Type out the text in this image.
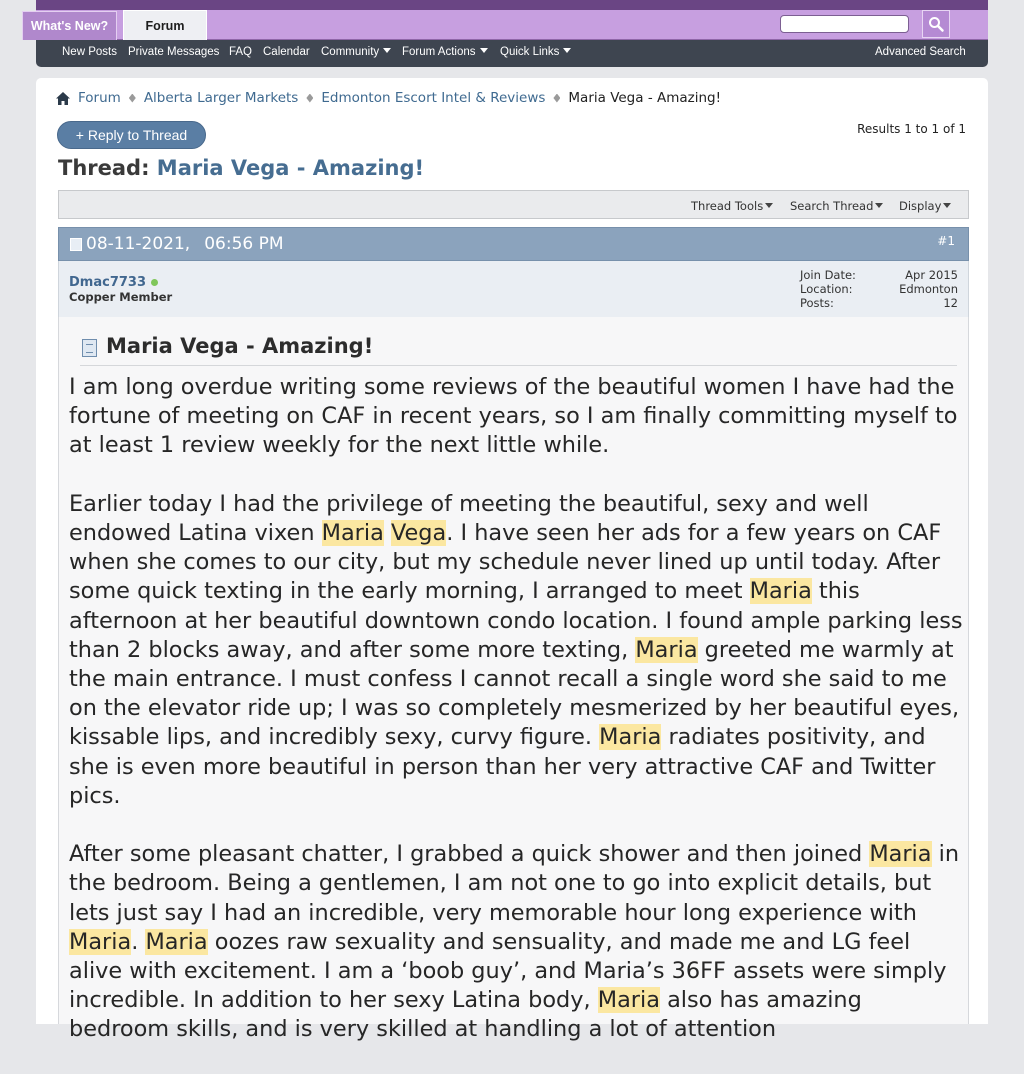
What's New?	Forum
New Posts Private Messages FAQ Calendar Community	Forum Actions	Quick Links	Advanced Search
Forum Alberta Larger Markets Edmonton Escort Intel & Reviews Maria Vega - Amazing!
+ Reply to Thread	Results 1 to 1 of 1
Thread: Maria Vega - Amazing!
Thread Tools	Search Thread	Display
08-11-2021, 06:56 PM	#1
Dmac7733
Copper Member
Join Date:	Apr 2015
Location:	Edmonton
Posts:	12
Maria Vega - Amazing!

I am long overdue writing some reviews of the beautiful women I have had the fortune of meeting on CAF in recent years, so I am finally committing myself to at least 1 review weekly for the next little while.

Earlier today I had the privilege of meeting the beautiful, sexy and well endowed Latina vixen Maria Vega. I have seen her ads for a few years on CAF when she comes to our city, but my schedule never lined up until today. After some quick texting in the early morning, I arranged to meet Maria this afternoon at her beautiful downtown condo location. I found ample parking less than 2 blocks away, and after some more texting, Maria greeted me warmly at the main entrance. I must confess I cannot recall a single word she said to me on the elevator ride up; I was so completely mesmerized by her beautiful eyes, kissable lips, and incredibly sexy, curvy figure. Maria radiates positivity, and she is even more beautiful in person than her very attractive CAF and Twitter pics.

After some pleasant chatter, I grabbed a quick shower and then joined Maria in the bedroom. Being a gentlemen, I am not one to go into explicit details, but lets just say I had an incredible, very memorable hour long experience with Maria. Maria oozes raw sexuality and sensuality, and made me and LG feel alive with excitement. I am a ‘boob guy’, and Maria’s 36FF assets were simply incredible. In addition to her sexy Latina body, Maria also has amazing bedroom skills, and is very skilled at handling a lot of attention
